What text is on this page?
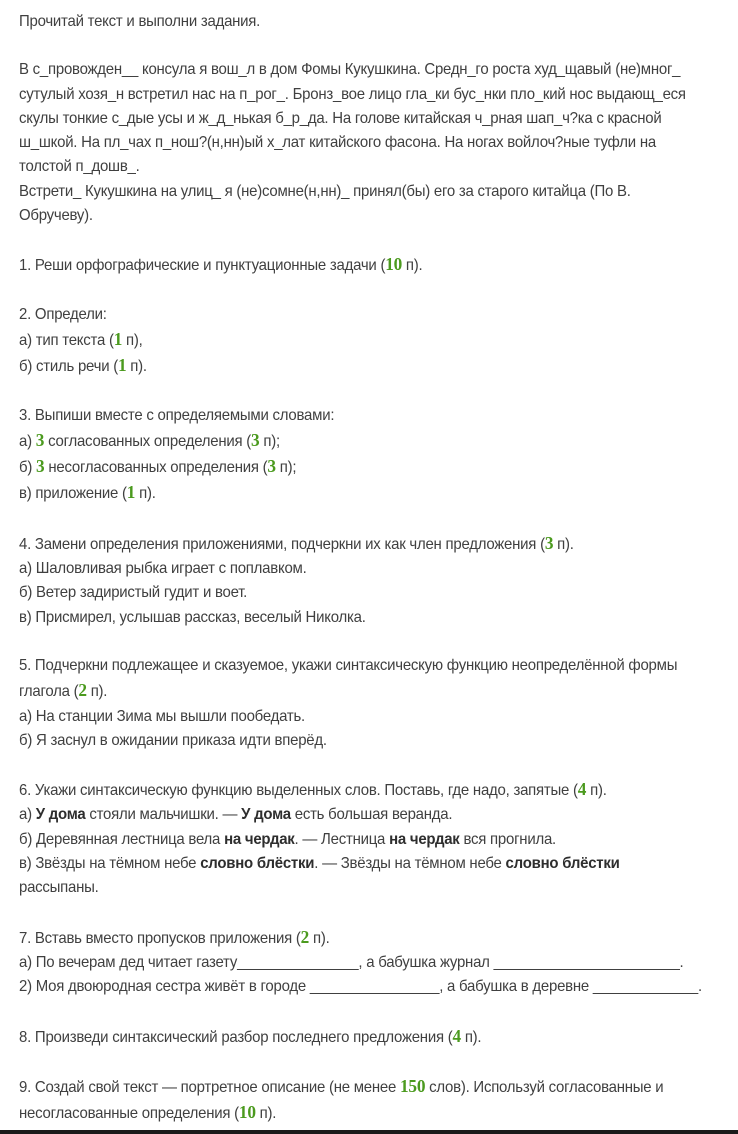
Прочитай текст и выполни задания.

В с_провожден__ консула я вош_л в дом Фомы Кукушкина. Средн_го роста худ_щавый (не)мног_ сутулый хозя_н встретил нас на п_рог_. Бронз_вое лицо гла_ки бус_нки пло_кий нос выдающ_еся скулы тонкие с_дые усы и ж_д_нькая б_р_да. На голове китайская ч_рная шап_ч?ка с красной ш_шкой. На пл_чах п_нош?(н,нн)ый х_лат китайского фасона. На ногах войлоч?ные туфли на толстой п_дошв_.

Встрети_ Кукушкина на улиц_ я (не)сомне(н,нн)_ принял(бы) его за старого китайца (По В. Обручеву).

1. Реши орфографические и пунктуационные задачи (10 п).

2. Определи:
а) тип текста (1 п),
б) стиль речи (1 п).
3. Выпиши вместе с определяемыми словами:
а) 3 согласованных определения (3 п);
б) 3 несогласованных определения (3 п);
в) приложение (1 п).
4. Замени определения приложениями, подчеркни их как член предложения (3 п).
а) Шаловливая рыбка играет с поплавком.
б) Ветер задиристый гудит и воет.
в) Присмирел, услышав рассказ, веселый Николка.
5. Подчеркни подлежащее и сказуемое, укажи синтаксическую функцию неопределённой формы глагола (2 п).
а) На станции Зима мы вышли пообедать.
б) Я заснул в ожидании приказа идти вперёд.
6. Укажи синтаксическую функцию выделенных слов. Поставь, где надо, запятые (4 п).
а) У дома стояли мальчишки. — У дома есть большая веранда.
б) Деревянная лестница вела на чердак. — Лестница на чердак вся прогнила.
в) Звёзды на тёмном небе словно блёстки. — Звёзды на тёмном небе словно блёстки рассыпаны.
7. Вставь вместо пропусков приложения (2 п).
а) По вечерам дед читает газету_______________, а бабушка журнал _______________________.
2) Моя двоюродная сестра живёт в городе ________________, а бабушка в деревне _____________.

8. Произведи синтаксический разбор последнего предложения (4 п).

9. Создай свой текст — портретное описание (не менее 150 слов). Используй согласованные и несогласованные определения (10 п).
